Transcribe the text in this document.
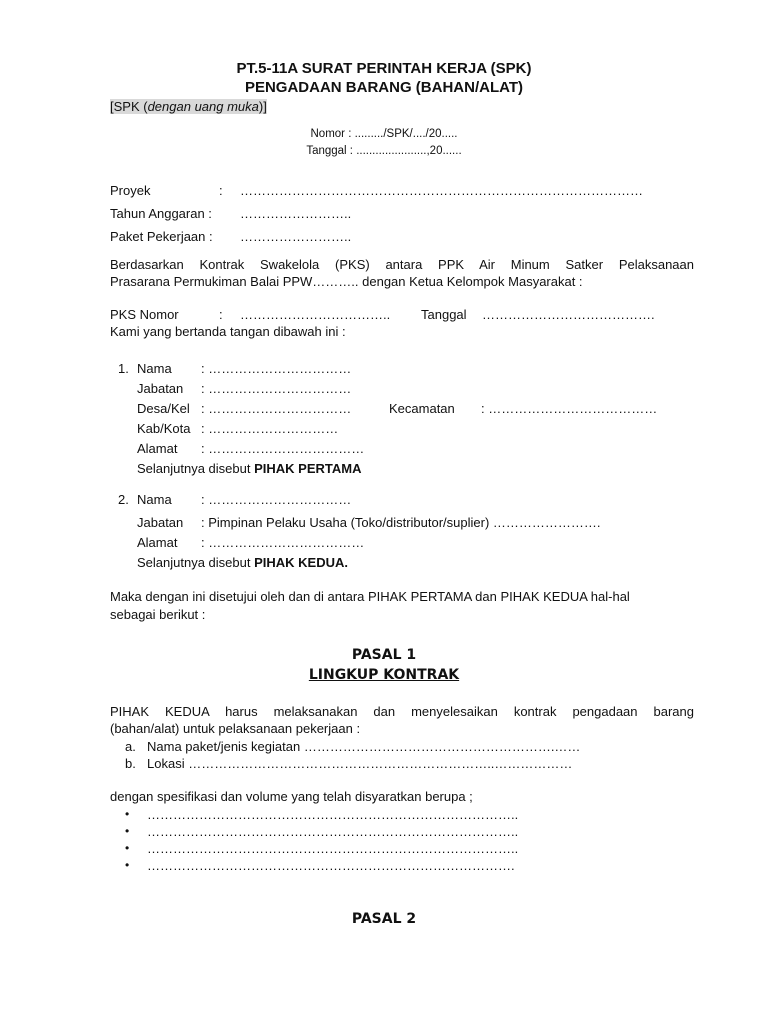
PT.5-11A SURAT PERINTAH KERJA (SPK)
PENGADAAN BARANG (BAHAN/ALAT)
[SPK (dengan uang muka)]
Nomor : ........./SPK/..../20.....
Tanggal : ......................,20......
Proyek	: …………………………………………………………………………………
Tahun Anggaran : ……………………..
Paket Pekerjaan : ……………………..
Berdasarkan Kontrak Swakelola (PKS) antara PPK Air Minum Satker Pelaksanaan
Prasarana Permukiman Balai PPW……….. dengan Ketua Kelompok Masyarakat :
PKS Nomor	: …………………………….. Tanggal ………………………………….
Kami yang bertanda tangan dibawah ini :
1. Nama : ……………………………
Jabatan : ……………………………
Desa/Kel : ……………………………	Kecamatan : …………………………………
Kab/Kota : …………………………
Alamat : ………………………………
Selanjutnya disebut PIHAK PERTAMA
2. Nama : ……………………………
Jabatan : Pimpinan Pelaku Usaha (Toko/distributor/suplier) …………………….
Alamat : ………………………………
Selanjutnya disebut PIHAK KEDUA.
Maka dengan ini disetujui oleh dan di antara PIHAK PERTAMA dan PIHAK KEDUA hal-hal
sebagai berikut :
PASAL 1
LINGKUP KONTRAK
PIHAK KEDUA harus melaksanakan dan menyelesaikan kontrak pengadaan barang
(bahan/alat) untuk pelaksanaan pekerjaan :
a. Nama paket/jenis kegiatan ………………………………………………….……
b. Lokasi ……………………………………………………………..………………
dengan spesifikasi dan volume yang telah disyaratkan berupa ;
• …………………………………………………………………………..
• …………………………………………………………………………..
• …………………………………………………………………………..
• ………………………………………………………………………….
PASAL 2
